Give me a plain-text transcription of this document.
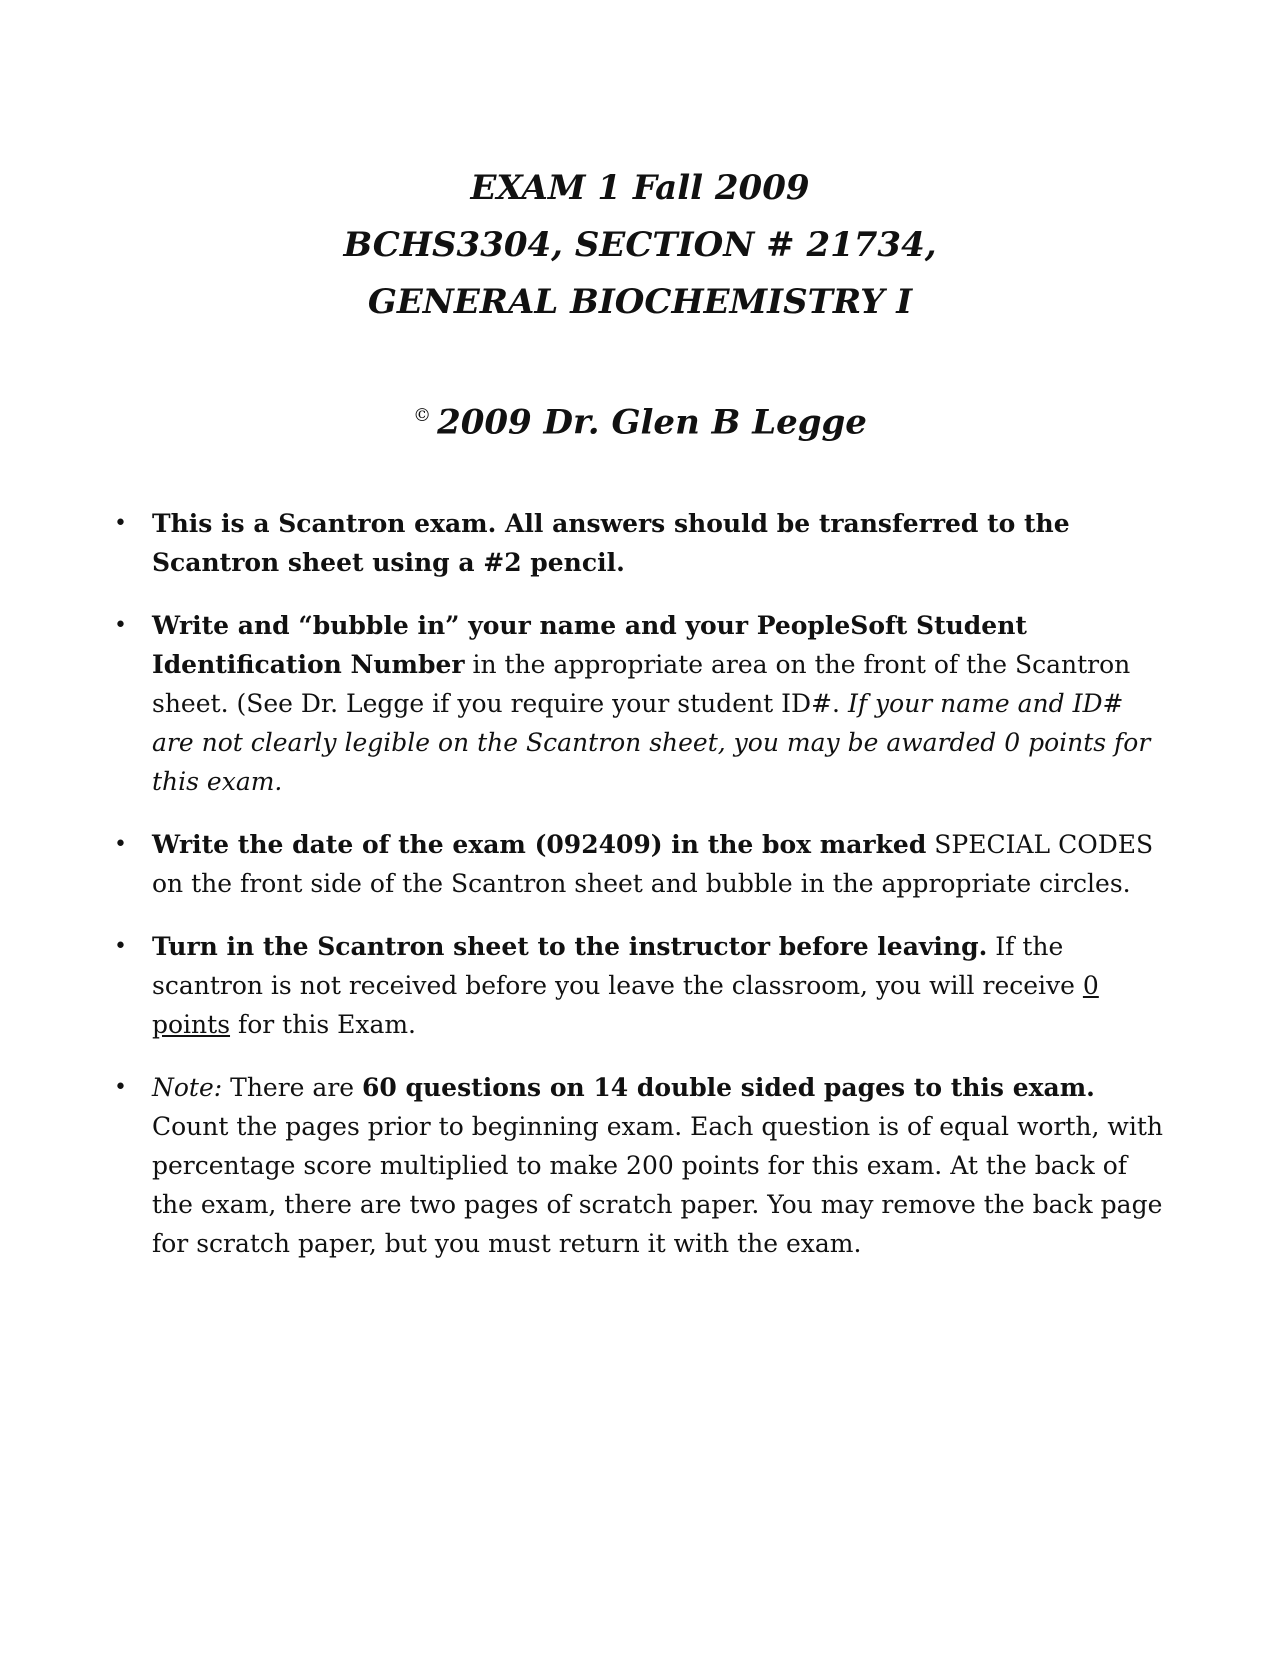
EXAM 1 Fall 2009

BCHS3304, SECTION # 21734,

GENERAL BIOCHEMISTRY I

© 2009 Dr. Glen B Legge
• This is a Scantron exam. All answers should be transferred to the Scantron sheet using a #2 pencil.
• Write and “bubble in” your name and your PeopleSoft Student Identification Number in the appropriate area on the front of the Scantron sheet. (See Dr. Legge if you require your student ID#. If your name and ID# are not clearly legible on the Scantron sheet, you may be awarded 0 points for this exam.
• Write the date of the exam (092409) in the box marked SPECIAL CODES on the front side of the Scantron sheet and bubble in the appropriate circles.
• Turn in the Scantron sheet to the instructor before leaving. If the scantron is not received before you leave the classroom, you will receive 0 points for this Exam.
• Note: There are 60 questions on 14 double sided pages to this exam. Count the pages prior to beginning exam. Each question is of equal worth, with percentage score multiplied to make 200 points for this exam. At the back of the exam, there are two pages of scratch paper. You may remove the back page for scratch paper, but you must return it with the exam.
